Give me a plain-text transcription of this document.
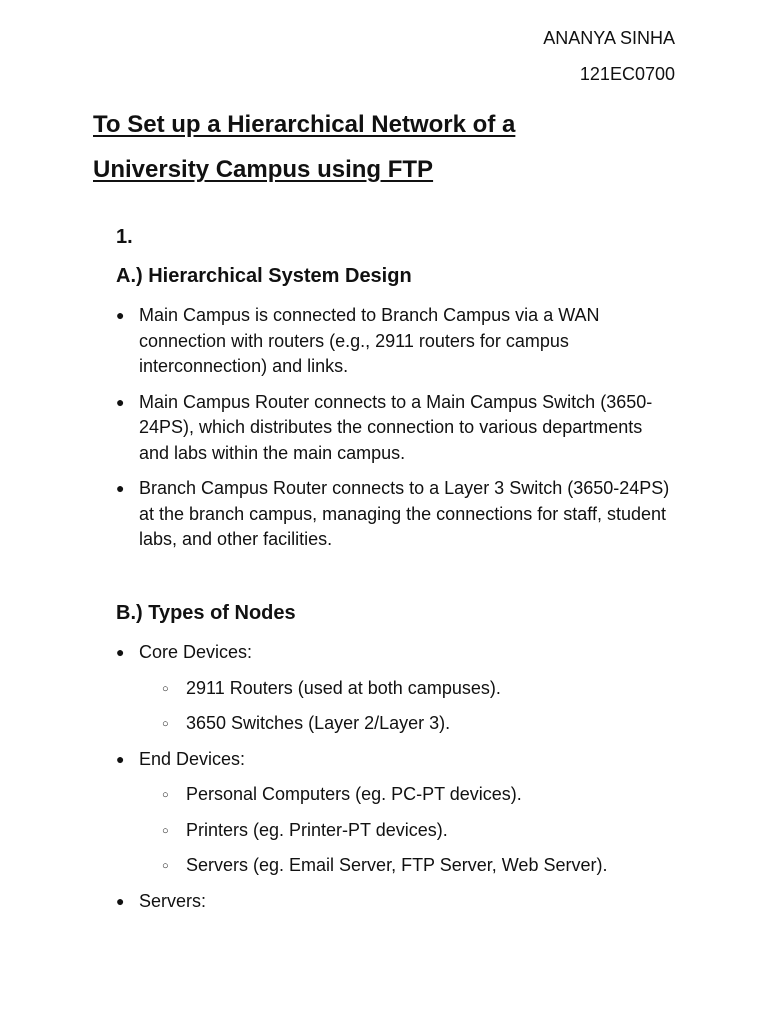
ANANYA SINHA
121EC0700
To Set up a Hierarchical Network of a
University Campus using FTP
1.
A.) Hierarchical System Design
● Main Campus is connected to Branch Campus via a WAN connection with routers (e.g., 2911 routers for campus interconnection) and links.
● Main Campus Router connects to a Main Campus Switch (3650-24PS), which distributes the connection to various departments and labs within the main campus.
● Branch Campus Router connects to a Layer 3 Switch (3650-24PS) at the branch campus, managing the connections for staff, student labs, and other facilities.
B.) Types of Nodes
● Core Devices:
○ 2911 Routers (used at both campuses).
○ 3650 Switches (Layer 2/Layer 3).
● End Devices:
○ Personal Computers (eg. PC-PT devices).
○ Printers (eg. Printer-PT devices).
○ Servers (eg. Email Server, FTP Server, Web Server).
● Servers:
